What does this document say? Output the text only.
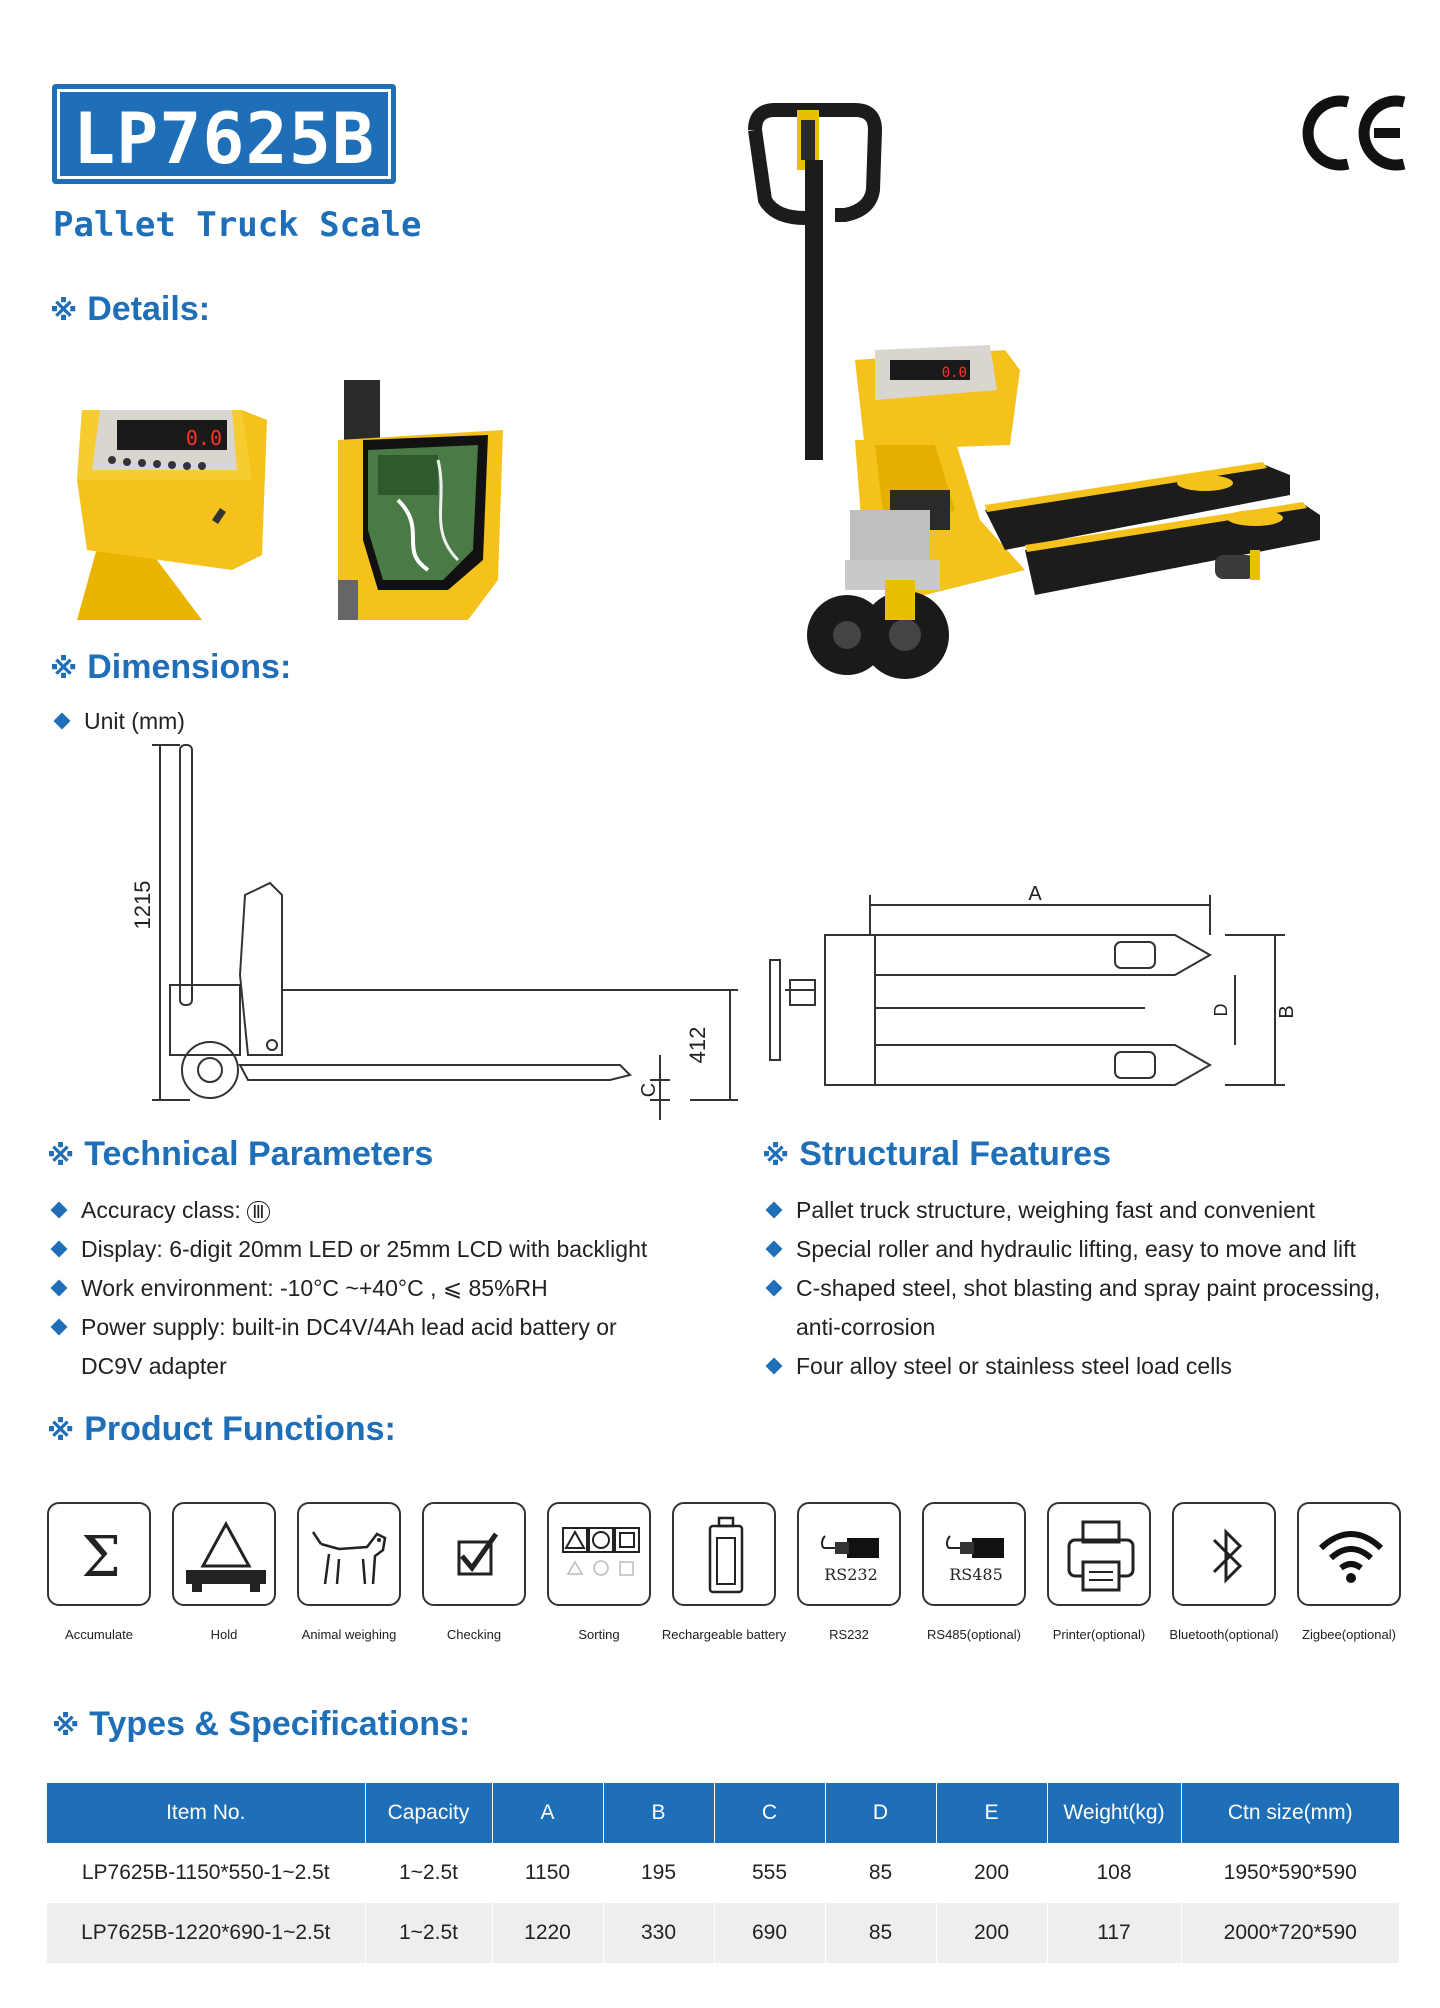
LP7625B
Pallet Truck Scale
※ Details:
0.0
0.0
※ Dimensions:
Unit (mm)
1215
412
C
A
B
D
※ Technical Parameters
Accuracy class: Ⅲ
Display: 6-digit 20mm LED or 25mm LCD with backlight
Work environment: -10°C ~+40°C , ⩽ 85%RH
Power supply: built-in DC4V/4Ah lead acid battery or
DC9V adapter
※ Structural Features
Pallet truck structure, weighing fast and convenient
Special roller and hydraulic lifting, easy to move and lift
C-shaped steel, shot blasting and spray paint processing,
anti-corrosion
Four alloy steel or stainless steel load cells
※ Product Functions:
Σ	RS232	RS485
Accumulate	Hold	Animal weighing	Checking	Sorting	Rechargeable battery	RS232	RS485(optional)	Printer(optional)	Bluetooth(optional)	Zigbee(optional)
※ Types & Specifications:
Item No.	Capacity	A	B	C	D	E	Weight(kg)	Ctn size(mm)
LP7625B-1150*550-1~2.5t	1~2.5t	1150	195	555	85	200	108	1950*590*590
LP7625B-1220*690-1~2.5t	1~2.5t	1220	330	690	85	200	117	2000*720*590
